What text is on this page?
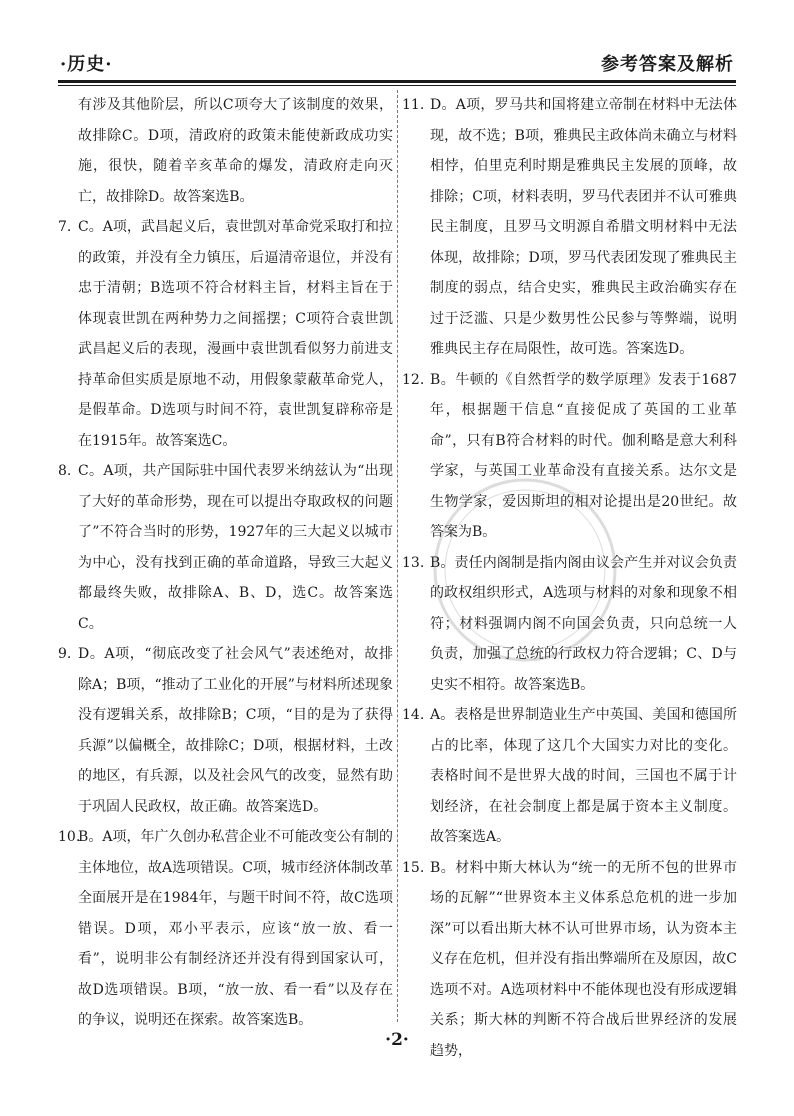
·历史·	参考答案及解析
有涉及其他阶层，所以C项夸大了该制度的效果，故排除C。D项，清政府的政策未能使新政成功实施，很快，随着辛亥革命的爆发，清政府走向灭亡，故排除D。故答案选B。
7. C。A项，武昌起义后，袁世凯对革命党采取打和拉的政策，并没有全力镇压，后逼清帝退位，并没有忠于清朝；B选项不符合材料主旨，材料主旨在于体现袁世凯在两种势力之间摇摆；C项符合袁世凯武昌起义后的表现，漫画中袁世凯看似努力前进支持革命但实质是原地不动，用假象蒙蔽革命党人，是假革命。D选项与时间不符，袁世凯复辟称帝是在1915年。故答案选C。
8. C。A项，共产国际驻中国代表罗米纳兹认为“出现了大好的革命形势，现在可以提出夺取政权的问题了”不符合当时的形势，1927年的三大起义以城市为中心，没有找到正确的革命道路，导致三大起义都最终失败，故排除A、B、D，选C。故答案选C。
9. D。A项，“彻底改变了社会风气”表述绝对，故排除A；B项，“推动了工业化的开展”与材料所述现象没有逻辑关系，故排除B；C项，“目的是为了获得兵源”以偏概全，故排除C；D项，根据材料，土改的地区，有兵源，以及社会风气的改变，显然有助于巩固人民政权，故正确。故答案选D。
10.
B。A项，年广久创办私营企业不可能改变公有制的主体地位，故A选项错误。C项，城市经济体制改革全面展开是在1984年，与题干时间不符，故C选项错误。D项，邓小平表示，应该“放一放、看一看”，说明非公有制经济还并没有得到国家认可，故D选项错误。B项，“放一放、看一看”以及存在的争议，说明还在探索。故答案选B。
11. D。A项，罗马共和国将建立帝制在材料中无法体现，故不选；B项，雅典民主政体尚未确立与材料相悖，伯里克利时期是雅典民主发展的顶峰，故排除；C项，材料表明，罗马代表团并不认可雅典民主制度，且罗马文明源自希腊文明材料中无法体现，故排除；D项，罗马代表团发现了雅典民主制度的弱点，结合史实，雅典民主政治确实存在过于泛滥、只是少数男性公民参与等弊端，说明雅典民主存在局限性，故可选。答案选D。
12. B。牛顿的《自然哲学的数学原理》发表于1687年，根据题干信息“直接促成了英国的工业革命”，只有B符合材料的时代。伽利略是意大利科学家，与英国工业革命没有直接关系。达尔文是生物学家，爱因斯坦的相对论提出是20世纪。故答案为B。
13. B。责任内阁制是指内阁由议会产生并对议会负责的政权组织形式，A选项与材料的对象和现象不相符；材料强调内阁不向国会负责，只向总统一人负责，加强了总统的行政权力符合逻辑；C、D与史实不相符。故答案选B。
14. A。表格是世界制造业生产中英国、美国和德国所占的比率，体现了这几个大国实力对比的变化。表格时间不是世界大战的时间，三国也不属于计划经济，在社会制度上都是属于资本主义制度。故答案选A。
15. B。材料中斯大林认为“统一的无所不包的世界市场的瓦解”“世界资本主义体系总危机的进一步加深”可以看出斯大林不认可世界市场，认为资本主义存在危机，但并没有指出弊端所在及原因，故C选项不对。A选项材料中不能体现也没有形成逻辑关系；斯大林的判断不符合战后世界经济的发展趋势，
·2·
